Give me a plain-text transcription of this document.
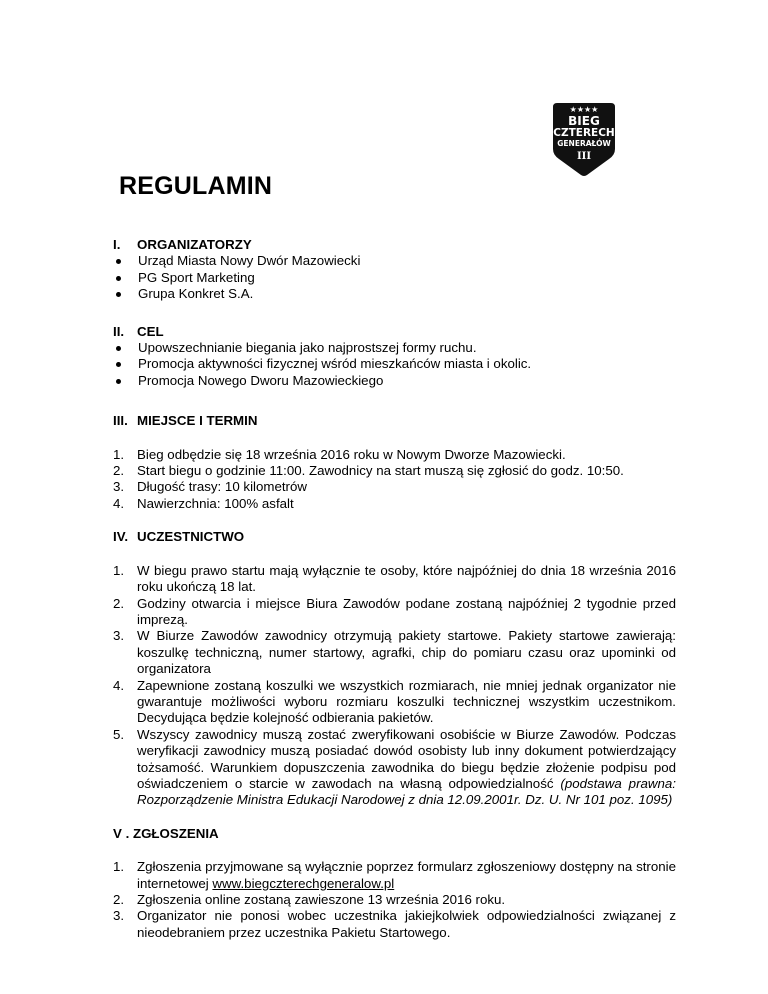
★★★★
BIEG
CZTERECH
GENERAŁÓW
III
REGULAMIN
I.	ORGANIZATORZY
Urząd Miasta Nowy Dwór Mazowiecki
PG Sport Marketing
Grupa Konkret S.A.
II. CEL
Upowszechnianie biegania jako najprostszej formy ruchu.
Promocja aktywności fizycznej wśród mieszkańców miasta i okolic.
Promocja Nowego Dworu Mazowieckiego
III. MIEJSCE I TERMIN
1. Bieg odbędzie się 18 września 2016 roku w Nowym Dworze Mazowiecki.
2. Start biegu o godzinie 11:00. Zawodnicy na start muszą się zgłosić do godz. 10:50.
3. Długość trasy: 10 kilometrów
4. Nawierzchnia: 100% asfalt
IV. UCZESTNICTWO
1. W biegu prawo startu mają wyłącznie te osoby, które najpóźniej do dnia 18 września 2016 roku ukończą 18 lat.
2. Godziny otwarcia i miejsce Biura Zawodów podane zostaną najpóźniej 2 tygodnie przed imprezą.
3. W Biurze Zawodów zawodnicy otrzymują pakiety startowe. Pakiety startowe zawierają: koszulkę techniczną, numer startowy, agrafki, chip do pomiaru czasu oraz upominki od organizatora
4. Zapewnione zostaną koszulki we wszystkich rozmiarach, nie mniej jednak organizator nie gwarantuje możliwości wyboru rozmiaru koszulki technicznej wszystkim uczestnikom. Decydująca będzie kolejność odbierania pakietów.
5. Wszyscy zawodnicy muszą zostać zweryfikowani osobiście w Biurze Zawodów. Podczas weryfikacji zawodnicy muszą posiadać dowód osobisty lub inny dokument potwierdzający tożsamość. Warunkiem dopuszczenia zawodnika do biegu będzie złożenie podpisu pod oświadczeniem o starcie w zawodach na własną odpowiedzialność (podstawa prawna: Rozporządzenie Ministra Edukacji Narodowej z dnia 12.09.2001r. Dz. U. Nr 101 poz. 1095)
V . ZGŁOSZENIA
1. Zgłoszenia przyjmowane są wyłącznie poprzez formularz zgłoszeniowy dostępny na stronie internetowej www.biegczterechgeneralow.pl
2. Zgłoszenia online zostaną zawieszone 13 września 2016 roku.
3. Organizator nie ponosi wobec uczestnika jakiejkolwiek odpowiedzialności związanej z nieodebraniem przez uczestnika Pakietu Startowego.
